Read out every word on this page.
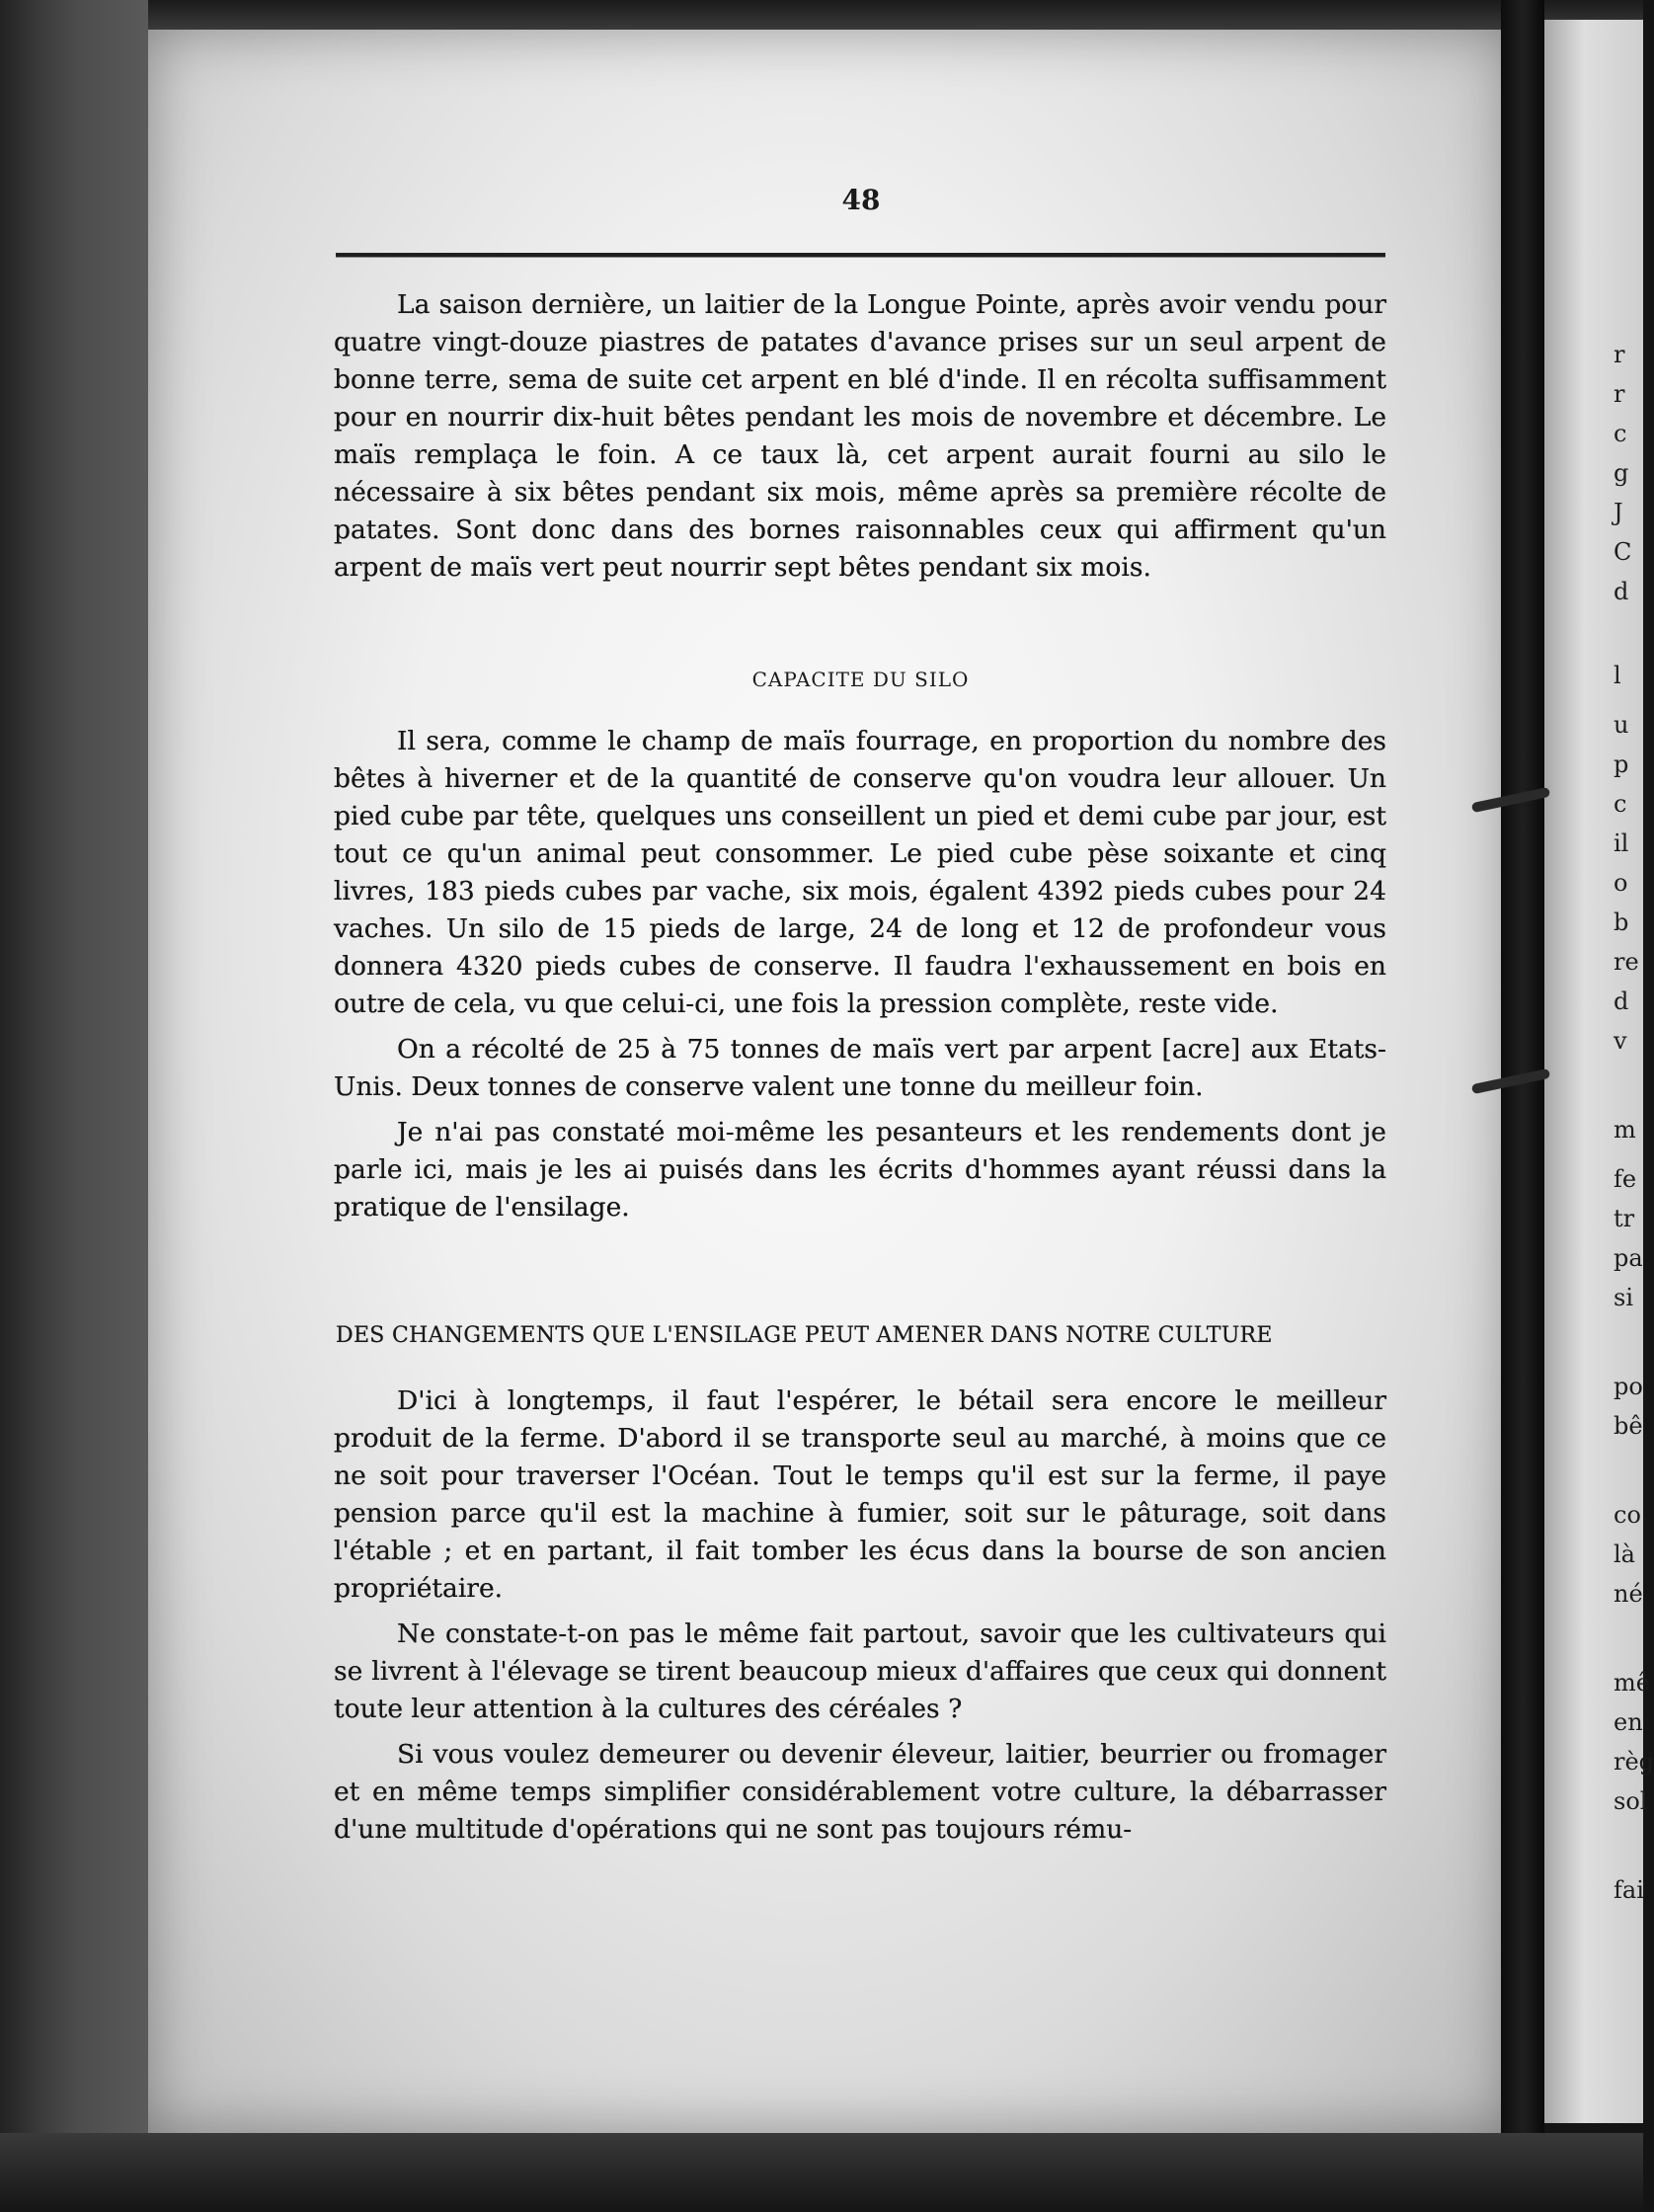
r
r
c
g
J
C
d
l
u
p
c
il
o
b
re
d
v
m
fe
tr
pa
si
po
bê
co
là
né
mê
en
règ
sol
fai
48

La saison dernière, un laitier de la Longue Pointe, après avoir vendu pour quatre vingt-douze piastres de patates d'avance prises sur un seul arpent de bonne terre, sema de suite cet arpent en blé d'inde. Il en récolta suffisamment pour en nourrir dix-huit bêtes pendant les mois de novembre et décembre. Le maïs remplaça le foin. A ce taux là, cet arpent aurait fourni au silo le nécessaire à six bêtes pendant six mois, même après sa première récolte de patates. Sont donc dans des bornes raisonnables ceux qui affirment qu'un arpent de maïs vert peut nourrir sept bêtes pendant six mois.

CAPACITE DU SILO

Il sera, comme le champ de maïs fourrage, en proportion du nombre des bêtes à hiverner et de la quantité de conserve qu'on voudra leur allouer. Un pied cube par tête, quelques uns conseillent un pied et demi cube par jour, est tout ce qu'un animal peut consommer. Le pied cube pèse soixante et cinq livres, 183 pieds cubes par vache, six mois, égalent 4392 pieds cubes pour 24 vaches. Un silo de 15 pieds de large, 24 de long et 12 de profondeur vous donnera 4320 pieds cubes de conserve. Il faudra l'exhaussement en bois en outre de cela, vu que celui-ci, une fois la pression complète, reste vide.

On a récolté de 25 à 75 tonnes de maïs vert par arpent [acre] aux Etats-Unis. Deux tonnes de conserve valent une tonne du meilleur foin.

Je n'ai pas constaté moi-même les pesanteurs et les rendements dont je parle ici, mais je les ai puisés dans les écrits d'hommes ayant réussi dans la pratique de l'ensilage.

DES CHANGEMENTS QUE L'ENSILAGE PEUT AMENER DANS NOTRE CULTURE

D'ici à longtemps, il faut l'espérer, le bétail sera encore le meilleur produit de la ferme. D'abord il se transporte seul au marché, à moins que ce ne soit pour traverser l'Océan. Tout le temps qu'il est sur la ferme, il paye pension parce qu'il est la machine à fumier, soit sur le pâturage, soit dans l'étable ; et en partant, il fait tomber les écus dans la bourse de son ancien propriétaire.

Ne constate-t-on pas le même fait partout, savoir que les cultivateurs qui se livrent à l'élevage se tirent beaucoup mieux d'affaires que ceux qui donnent toute leur attention à la cultures des céréales ?

Si vous voulez demeurer ou devenir éleveur, laitier, beurrier ou fromager et en même temps simplifier considérablement votre culture, la débarrasser d'une multitude d'opérations qui ne sont pas toujours rému-
